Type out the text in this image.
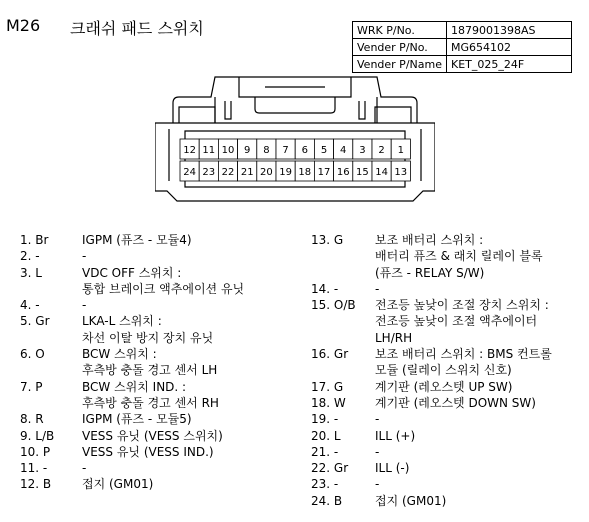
M26 크래쉬 패드 스위치	WRK P/No.	1879001398AS
Vender P/No.	MG654102
Vender P/Name	KET_025_24F
12 11 10 9 8 7 6 5 4 3 2 1
24 23 22 21 20 19 18 17 16 15 14 13
1. Br	IGPM (퓨즈 - 모듈4)
2. -	-
3. L	VDC OFF 스위치 :
통합 브레이크 액추에이션 유닛
4. -	-
5. Gr	LKA-L 스위치 :
차선 이탈 방지 장치 유닛
6. O	BCW 스위치 :
후측방 충돌 경고 센서 LH
7. P	BCW 스위치 IND. :
후측방 충돌 경고 센서 RH
8. R	IGPM (퓨즈 - 모듈5)
9. L/B VESS 유닛 (VESS 스위치)
10. P	VESS 유닛 (VESS IND.)
11. -	-
12. B	접지 (GM01)
13. G	보조 배터리 스위치 :
배터리 퓨즈 & 래치 릴레이 블록
(퓨즈 - RELAY S/W)
14. -	-
15. O/B 전조등 높낮이 조절 장치 스위치 :
전조등 높낮이 조절 액추에이터
LH/RH
16. Gr 보조 배터리 스위치 : BMS 컨트롤
모듈 (릴레이 스위치 신호)
17. G	계기판 (레오스텟 UP SW)
18. W 계기판 (레오스텟 DOWN SW)
19. -	-
20. L	ILL (+)
21. -	-
22. Gr ILL (-)
23. -	-
24. B	접지 (GM01)
